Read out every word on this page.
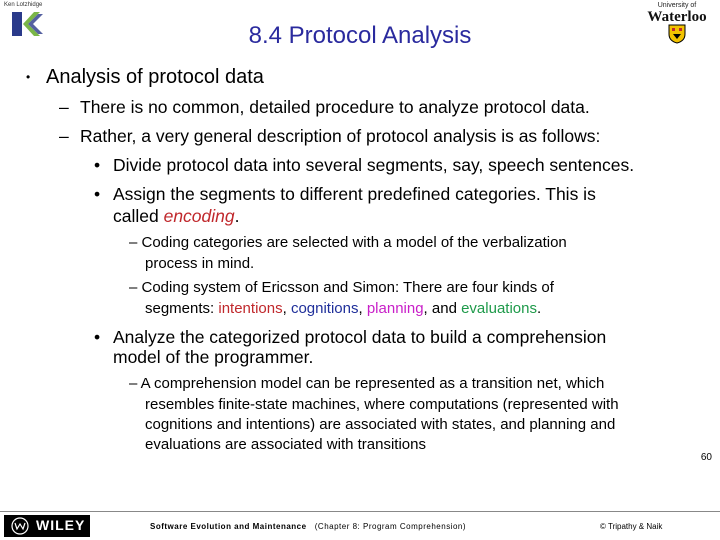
Ken Lotzhidge	University of
Waterloo
8.4 Protocol Analysis
• Analysis of protocol data
– There is no common, detailed procedure to analyze protocol data.
– Rather, a very general description of protocol analysis is as follows:
• Divide protocol data into several segments, say, speech sentences.
• Assign the segments to different predefined categories. This is
called encoding.
– Coding categories are selected with a model of the verbalization
process in mind.
– Coding system of Ericsson and Simon: There are four kinds of
segments: intentions, cognitions, planning, and evaluations.
• Analyze the categorized protocol data to build a comprehension
model of the programmer.
– A comprehension model can be represented as a transition net, which
resembles finite-state machines, where computations (represented with
cognitions and intentions) are associated with states, and planning and
evaluations are associated with transitions
60
WILEY	Software Evolution and Maintenance (Chapter 8: Program Comprehension)	© Tripathy & Naik
